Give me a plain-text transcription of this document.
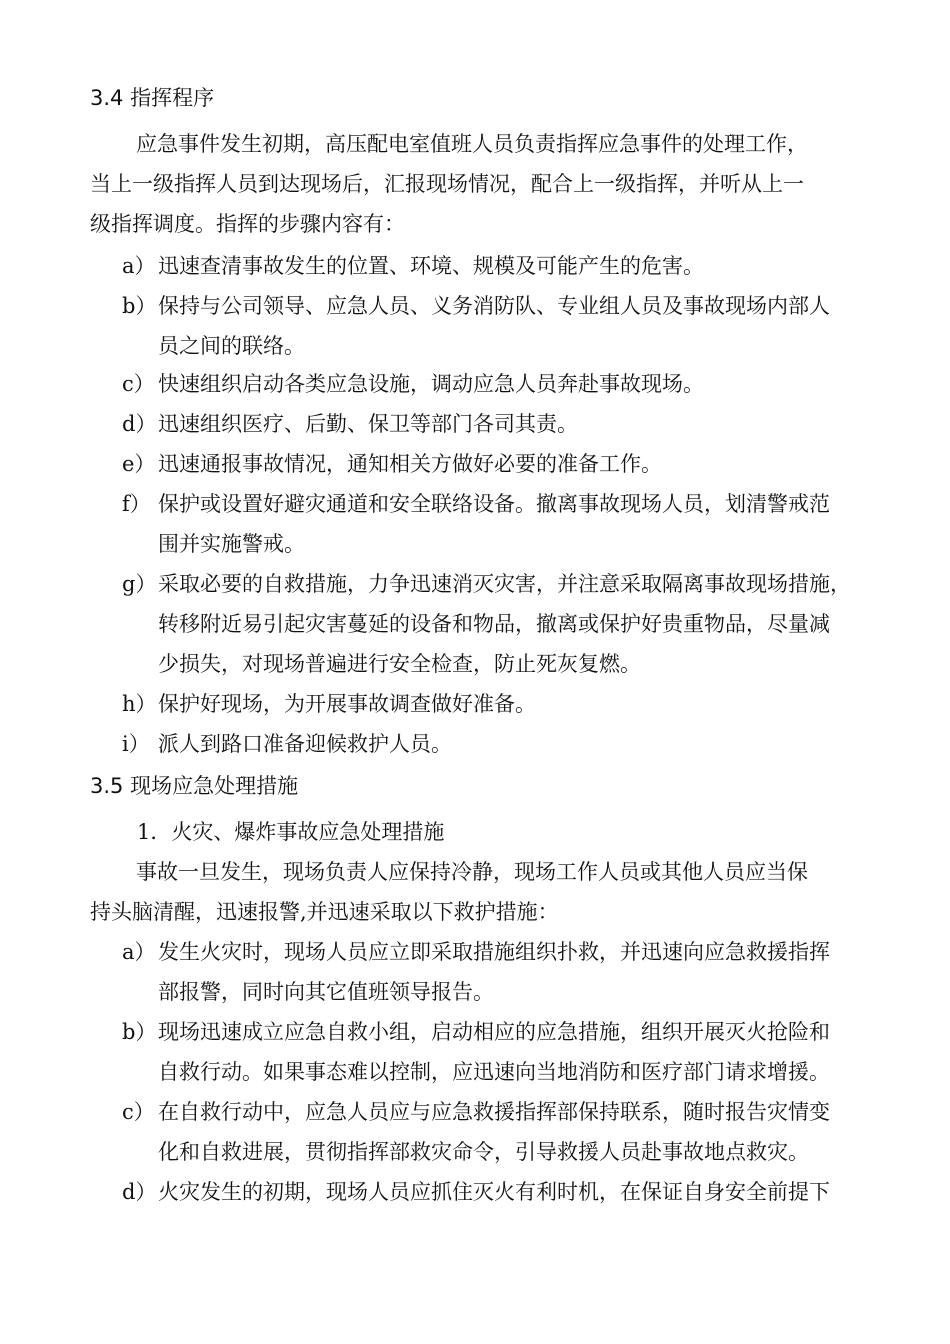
3.4 指挥程序
应急事件发生初期，高压配电室值班人员负责指挥应急事件的处理工作，
当上一级指挥人员到达现场后，汇报现场情况，配合上一级指挥，并听从上一
级指挥调度。指挥的步骤内容有：
a） 迅速查清事故发生的位置、环境、规模及可能产生的危害。
b） 保持与公司领导、应急人员、义务消防队、专业组人员及事故现场内部人
员之间的联络。
c） 快速组织启动各类应急设施，调动应急人员奔赴事故现场。
d） 迅速组织医疗、后勤、保卫等部门各司其责。
e） 迅速通报事故情况，通知相关方做好必要的准备工作。
f） 保护或设置好避灾通道和安全联络设备。撤离事故现场人员，划清警戒范
围并实施警戒。
g） 采取必要的自救措施，力争迅速消灭灾害，并注意采取隔离事故现场措施，
转移附近易引起灾害蔓延的设备和物品，撤离或保护好贵重物品，尽量减
少损失，对现场普遍进行安全检查，防止死灰复燃。
h） 保护好现场，为开展事故调查做好准备。
i） 派人到路口准备迎候救护人员。
3.5 现场应急处理措施
1．火灾、爆炸事故应急处理措施
事故一旦发生，现场负责人应保持冷静，现场工作人员或其他人员应当保
持头脑清醒，迅速报警,并迅速采取以下救护措施：
a） 发生火灾时，现场人员应立即采取措施组织扑救，并迅速向应急救援指挥
部报警，同时向其它值班领导报告。
b） 现场迅速成立应急自救小组，启动相应的应急措施，组织开展灭火抢险和
自救行动。如果事态难以控制，应迅速向当地消防和医疗部门请求增援。
c） 在自救行动中，应急人员应与应急救援指挥部保持联系，随时报告灾情变
化和自救进展，贯彻指挥部救灾命令，引导救援人员赴事故地点救灾。
d） 火灾发生的初期，现场人员应抓住灭火有利时机，在保证自身安全前提下
